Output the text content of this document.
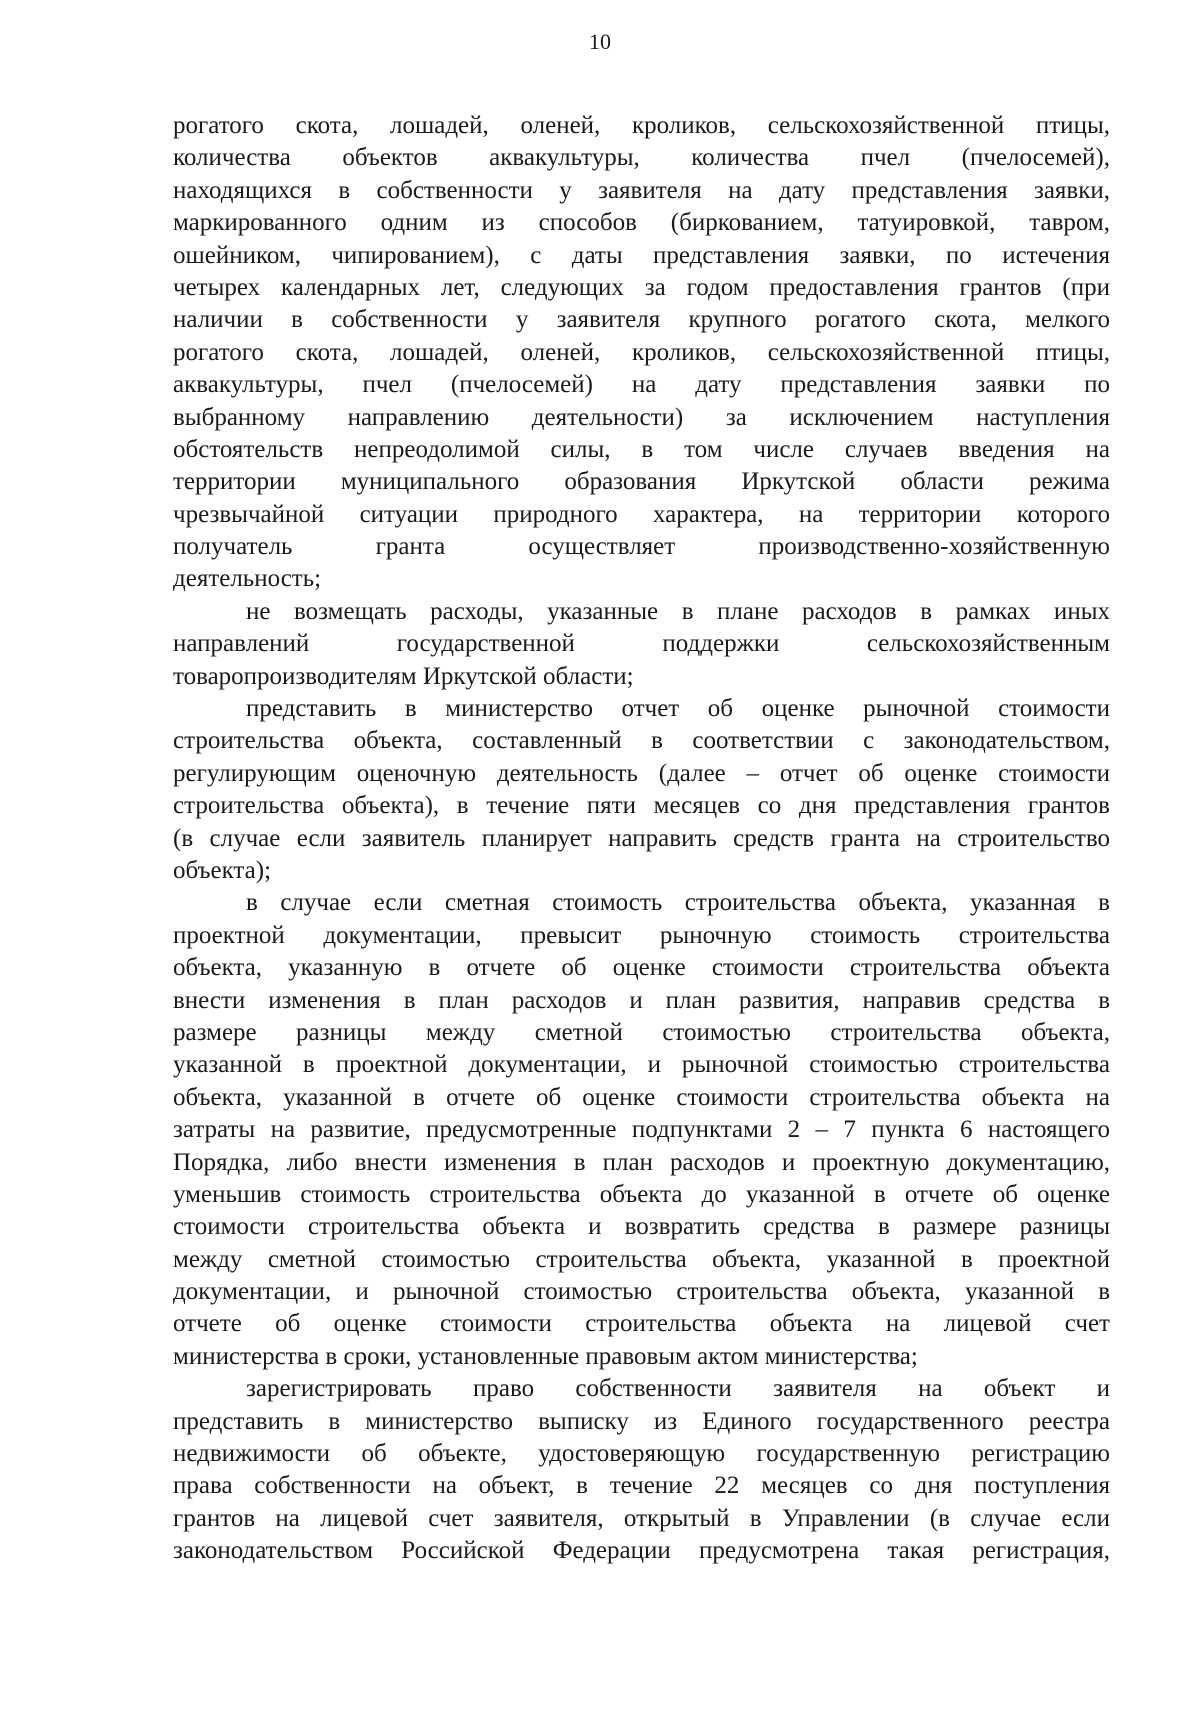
10
рогатого скота, лошадей, оленей, кроликов, сельскохозяйственной птицы,
количества объектов аквакультуры, количества пчел (пчелосемей),
находящихся в собственности у заявителя на дату представления заявки,
маркированного одним из способов (биркованием, татуировкой, тавром,
ошейником, чипированием), с даты представления заявки, по истечения
четырех календарных лет, следующих за годом предоставления грантов (при
наличии в собственности у заявителя крупного рогатого скота, мелкого
рогатого скота, лошадей, оленей, кроликов, сельскохозяйственной птицы,
аквакультуры, пчел (пчелосемей) на дату представления заявки по
выбранному направлению деятельности) за исключением наступления
обстоятельств непреодолимой силы, в том числе случаев введения на
территории муниципального образования Иркутской области режима
чрезвычайной ситуации природного характера, на территории которого
получатель гранта осуществляет производственно-хозяйственную
деятельность;
не возмещать расходы, указанные в плане расходов в рамках иных
направлений государственной поддержки сельскохозяйственным
товаропроизводителям Иркутской области;
представить в министерство отчет об оценке рыночной стоимости
строительства объекта, составленный в соответствии с законодательством,
регулирующим оценочную деятельность (далее – отчет об оценке стоимости
строительства объекта), в течение пяти месяцев со дня представления грантов
(в случае если заявитель планирует направить средств гранта на строительство
объекта);
в случае если сметная стоимость строительства объекта, указанная в
проектной документации, превысит рыночную стоимость строительства
объекта, указанную в отчете об оценке стоимости строительства объекта
внести изменения в план расходов и план развития, направив средства в
размере разницы между сметной стоимостью строительства объекта,
указанной в проектной документации, и рыночной стоимостью строительства
объекта, указанной в отчете об оценке стоимости строительства объекта на
затраты на развитие, предусмотренные подпунктами 2 – 7 пункта 6 настоящего
Порядка, либо внести изменения в план расходов и проектную документацию,
уменьшив стоимость строительства объекта до указанной в отчете об оценке
стоимости строительства объекта и возвратить средства в размере разницы
между сметной стоимостью строительства объекта, указанной в проектной
документации, и рыночной стоимостью строительства объекта, указанной в
отчете об оценке стоимости строительства объекта на лицевой счет
министерства в сроки, установленные правовым актом министерства;
зарегистрировать право собственности заявителя на объект и
представить в министерство выписку из Единого государственного реестра
недвижимости об объекте, удостоверяющую государственную регистрацию
права собственности на объект, в течение 22 месяцев со дня поступления
грантов на лицевой счет заявителя, открытый в Управлении (в случае если
законодательством Российской Федерации предусмотрена такая регистрация,
